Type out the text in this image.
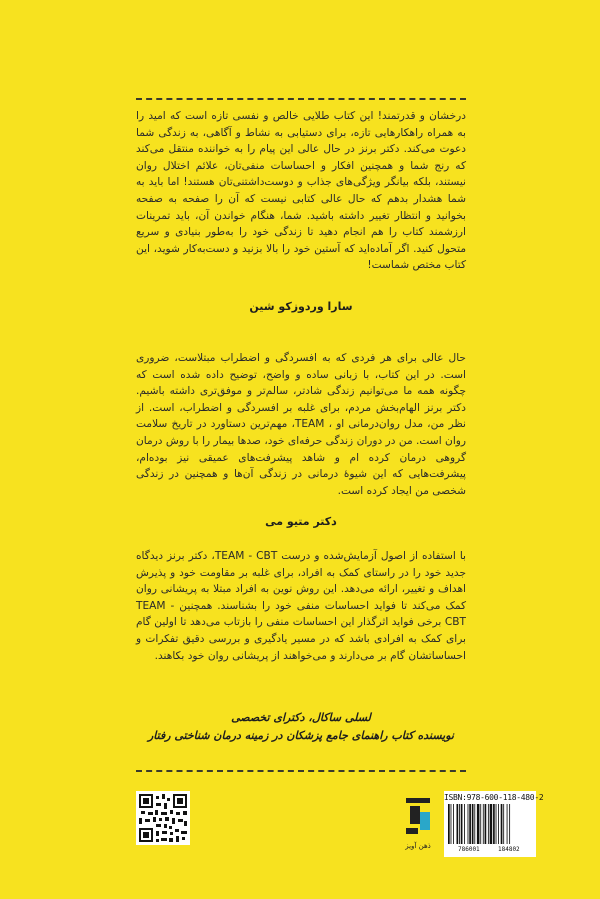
درخشان و قدرتمند! این کتاب طلایی خالص و نفسی تازه است که امید را به همراه راهکارهایی تازه، برای دستیابی به نشاط و آگاهی، به زندگی شما دعوت می‌کند. دکتر برنز در حال عالی این پیام را به خواننده منتقل می‌کند که رنج شما و همچنین افکار و احساسات منفی‌تان، علائم اختلال روان نیستند، بلکه بیانگر ویژگی‌های جذاب و دوست‌داشتنی‌تان هستند! اما باید به شما هشدار بدهم که حال عالی کتابی نیست که آن را صفحه به صفحه بخوانید و انتظار تغییر داشته باشید. شما، هنگام خواندن آن، باید تمرینات ارزشمند کتاب را هم انجام دهید تا زندگی خود را به‌طور بنیادی و سریع متحول کنید. اگر آماده‌اید که آستین خود را بالا بزنید و دست‌به‌کار شوید، این کتاب مختص شماست!
سارا وردوزکو شین
حال عالی برای هر فردی که به افسردگی و اضطراب مبتلاست، ضروری است. در این کتاب، با زبانی ساده و واضح، توضیح داده شده است که چگونه همه ما می‌توانیم زندگی شادتر، سالم‌تر و موفق‌تری داشته باشیم. دکتر برنز الهام‌بخش مردم، برای غلبه بر افسردگی و اضطراب، است. از نظر من، مدل روان‌درمانی او ، TEAM، مهم‌ترین دستاورد در تاریخ سلامت روان است. من در دوران زندگی حرفه‌ای خود، صدها بیمار را با روش درمان گروهی درمان کرده ام و شاهد پیشرفت‌های عمیقی نیز بوده‌ام، پیشرفت‌هایی که این شیوهٔ درمانی در زندگی آن‌ها و همچنین در زندگی شخصی من ایجاد کرده است.
دکتر متیو می
با استفاده از اصول آزمایش‌شده و درست TEAM - CBT، دکتر برنز دیدگاه جدید خود را در راستای کمک به افراد، برای غلبه بر مقاومت خود و پذیرش اهداف و تغییر، ارائه می‌دهد. این روش نوین به افراد مبتلا به پریشانی روان کمک می‌کند تا فواید احساسات منفی خود را بشناسند. همچنین TEAM - CBT برخی فواید اثرگذار این احساسات منفی را بازتاب می‌دهد تا اولین گام برای کمک به افرادی باشد که در مسیر یادگیری و بررسی دقیق تفکرات و احساساتشان گام بر می‌دارند و می‌خواهند از پریشانی روان خود بکاهند.
لسلی ساکال، دکترای تخصصی
نویسنده کتاب راهنمای جامع پزشکان در زمینه درمان شناختی رفتار
ذهن آویز
ISBN:978-600-118-480-2
786001	184802
